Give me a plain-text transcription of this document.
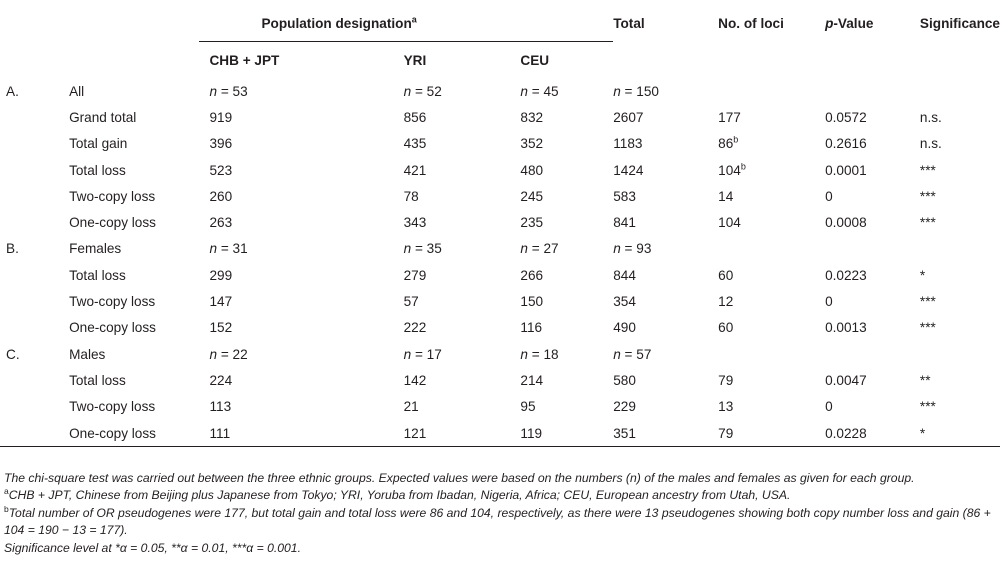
			Population designation$^a$			Total	No. of loci	p-Value	Significance
			CHB + JPT	YRI	CEU				
A.		All	n = 53	n = 52	n = 45	n = 150			
		Grand total	919	856	832	2607	177	0.0572	n.s.
		Total gain	396	435	352	1183	86$^b$	0.2616	n.s.
		Total loss	523	421	480	1424	104$^b$	0.0001	***
		Two-copy loss	260	78	245	583	14	0	***
		One-copy loss	263	343	235	841	104	0.0008	***
B.		Females	n = 31	n = 35	n = 27	n = 93			
		Total loss	299	279	266	844	60	0.0223	*
		Two-copy loss	147	57	150	354	12	0	***
		One-copy loss	152	222	116	490	60	0.0013	***
C.		Males	n = 22	n = 17	n = 18	n = 57			
		Total loss	224	142	214	580	79	0.0047	**
		Two-copy loss	113	21	95	229	13	0	***
		One-copy loss	111	121	119	351	79	0.0228	*

The chi-square test was carried out between the three ethnic groups. Expected values were based on the numbers (n) of the males and females as given for each group.

$^a$CHB + JPT, Chinese from Beijing plus Japanese from Tokyo; YRI, Yoruba from Ibadan, Nigeria, Africa; CEU, European ancestry from Utah, USA.

$^b$Total number of OR pseudogenes were 177, but total gain and total loss were 86 and 104, respectively, as there were 13 pseudogenes showing both copy number loss and gain (86 + 104 = 190 − 13 = 177).

Significance level at *α = 0.05, **α = 0.01, ***α = 0.001.
